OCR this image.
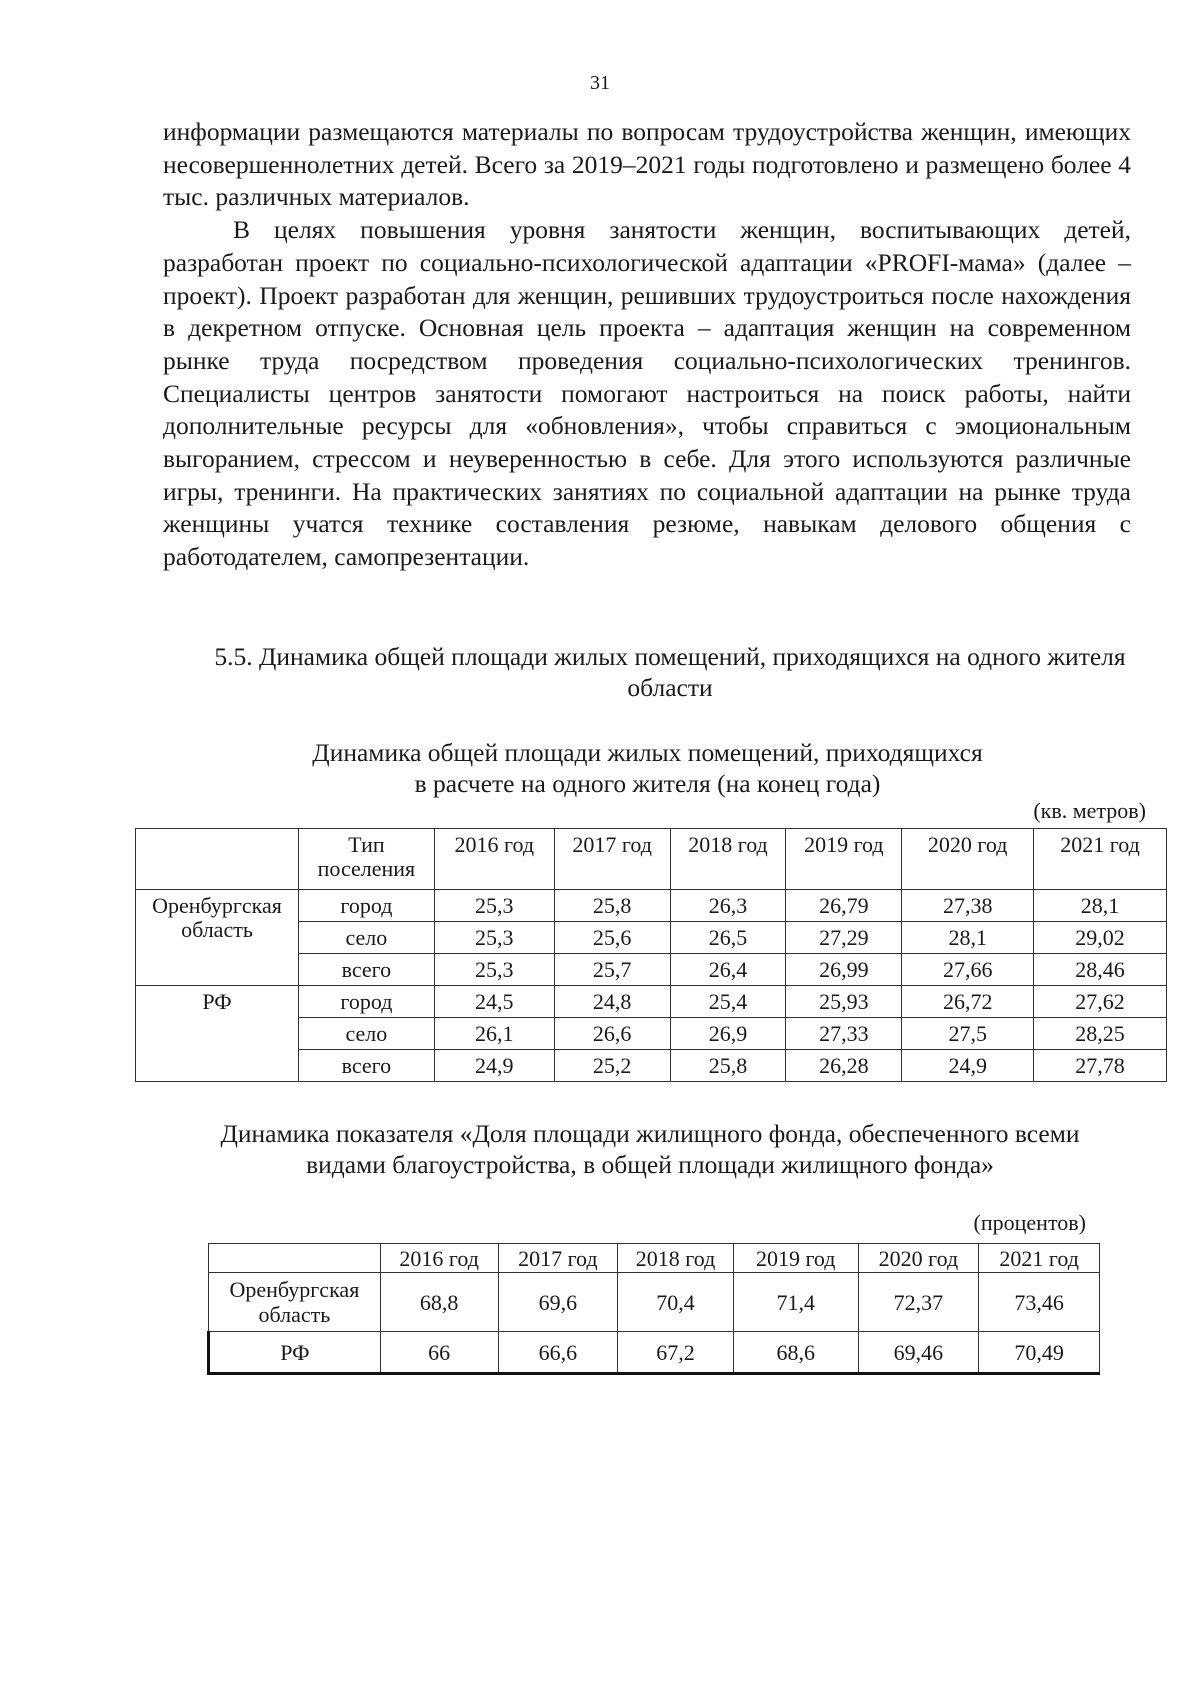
31

информации размещаются материалы по вопросам трудоустройства женщин, имеющих несовершеннолетних детей. Всего за 2019–2021 годы подготовлено и размещено более 4 тыс. различных материалов.

В целях повышения уровня занятости женщин, воспитывающих детей, разработан проект по социально-психологической адаптации «PROFI-мама» (далее – проект). Проект разработан для женщин, решивших трудоустроиться после нахождения в декретном отпуске. Основная цель проекта – адаптация женщин на современном рынке труда посредством проведения социально-психологических тренингов. Специалисты центров занятости помогают настроиться на поиск работы, найти дополнительные ресурсы для «обновления», чтобы справиться с эмоциональным выгоранием, стрессом и неуверенностью в себе. Для этого используются различные игры, тренинги. На практических занятиях по социальной адаптации на рынке труда женщины учатся технике составления резюме, навыкам делового общения с работодателем, самопрезентации.

5.5. Динамика общей площади жилых помещений, приходящихся на одного жителя области
Динамика общей площади жилых помещений, приходящихся
в расчете на одного жителя (на конец года)
(кв. метров)
	Тип поселения	2016 год	2017 год	2018 год	2019 год	2020 год	2021 год
Оренбургская область	город	25,3	25,8	26,3	26,79	27,38	28,1
	село	25,3	25,6	26,5	27,29	28,1	29,02
	всего	25,3	25,7	26,4	26,99	27,66	28,46
РФ	город	24,5	24,8	25,4	25,93	26,72	27,62
	село	26,1	26,6	26,9	27,33	27,5	28,25
	всего	24,9	25,2	25,8	26,28	24,9	27,78
Динамика показателя «Доля площади жилищного фонда, обеспеченного всеми
видами благоустройства, в общей площади жилищного фонда»
(процентов)
	2016 год	2017 год	2018 год	2019 год	2020 год	2021 год
Оренбургская область	68,8	69,6	70,4	71,4	72,37	73,46
РФ	66	66,6	67,2	68,6	69,46	70,49
